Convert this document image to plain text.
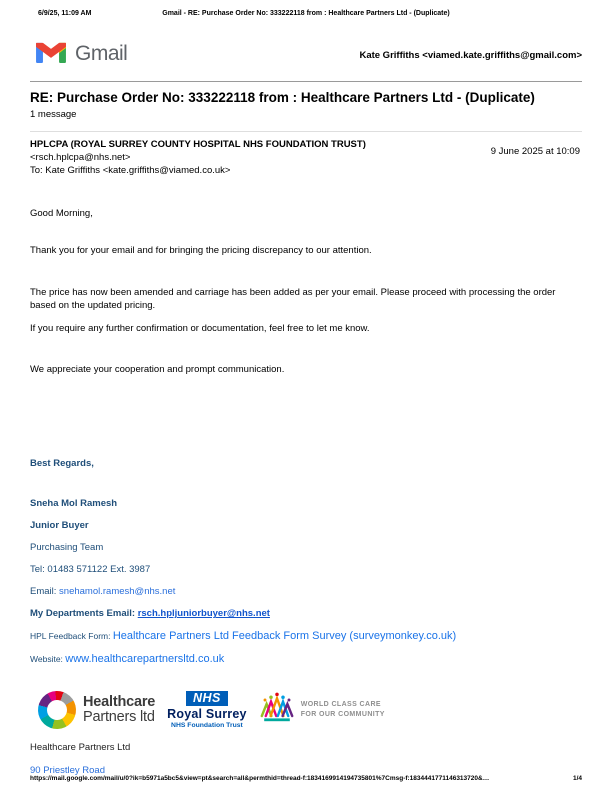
6/9/25, 11:09 AM	Gmail - RE: Purchase Order No: 333222118 from : Healthcare Partners Ltd - (Duplicate)
Gmail	Kate Griffiths <viamed.kate.griffiths@gmail.com>
RE: Purchase Order No: 333222118 from : Healthcare Partners Ltd - (Duplicate)
1 message
HPLCPA (ROYAL SURREY COUNTY HOSPITAL NHS FOUNDATION TRUST)
<rsch.hplcpa@nhs.net>
To: Kate Griffiths <kate.griffiths@viamed.co.uk>
9 June 2025 at 10:09

Good Morning,

Thank you for your email and for bringing the pricing discrepancy to our attention.

The price has now been amended and carriage has been added as per your email. Please proceed with processing the order based on the updated pricing.

If you require any further confirmation or documentation, feel free to let me know.

We appreciate your cooperation and prompt communication.

Best Regards,
Sneha Mol Ramesh
Junior Buyer
Purchasing Team
Tel: 01483 571122 Ext. 3987
Email: snehamol.ramesh@nhs.net
My Departments Email: rsch.hpljuniorbuyer@nhs.net
HPL Feedback Form: Healthcare Partners Ltd Feedback Form Survey (surveymonkey.co.uk)
Website: www.healthcarepartnersltd.co.uk
Healthcare
Partners ltd
NHS
Royal Surrey
NHS Foundation Trust
WORLD CLASS CARE
FOR OUR COMMUNITY
Healthcare Partners Ltd
90 Priestley Road
https://mail.google.com/mail/u/0?ik=b5971a5bc5&view=pt&search=all&permthid=thread-f:1834169914194735801%7Cmsg-f:1834441771146313720&…	1/4
